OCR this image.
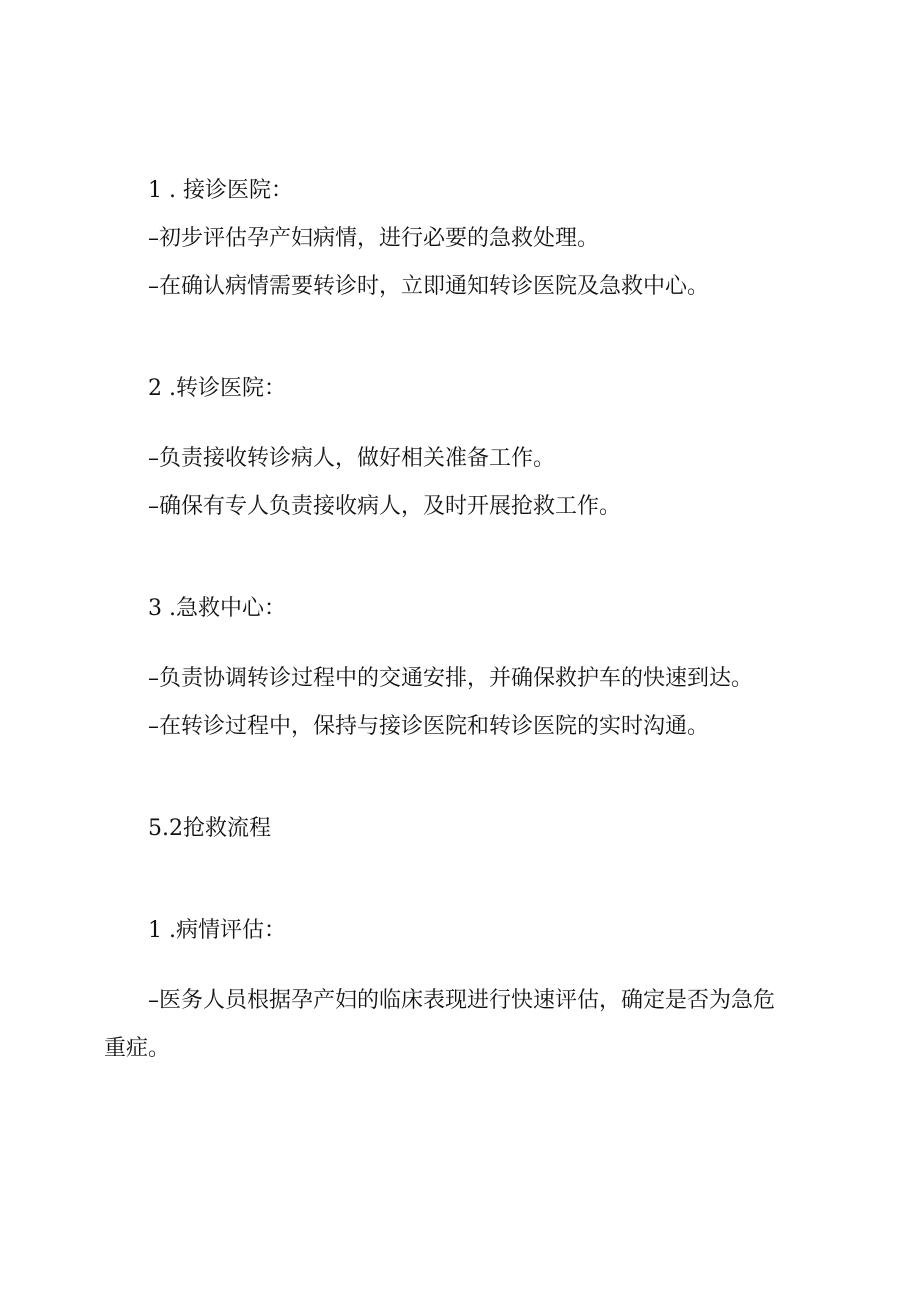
1 . 接诊医院：
–初步评估孕产妇病情，进行必要的急救处理。
–在确认病情需要转诊时，立即通知转诊医院及急救中心。
2 .转诊医院：
–负责接收转诊病人，做好相关准备工作。
–确保有专人负责接收病人，及时开展抢救工作。
3 .急救中心：
–负责协调转诊过程中的交通安排，并确保救护车的快速到达。
–在转诊过程中，保持与接诊医院和转诊医院的实时沟通。
5.2抢救流程
1 .病情评估：
–医务人员根据孕产妇的临床表现进行快速评估，确定是否为急危
重症。
